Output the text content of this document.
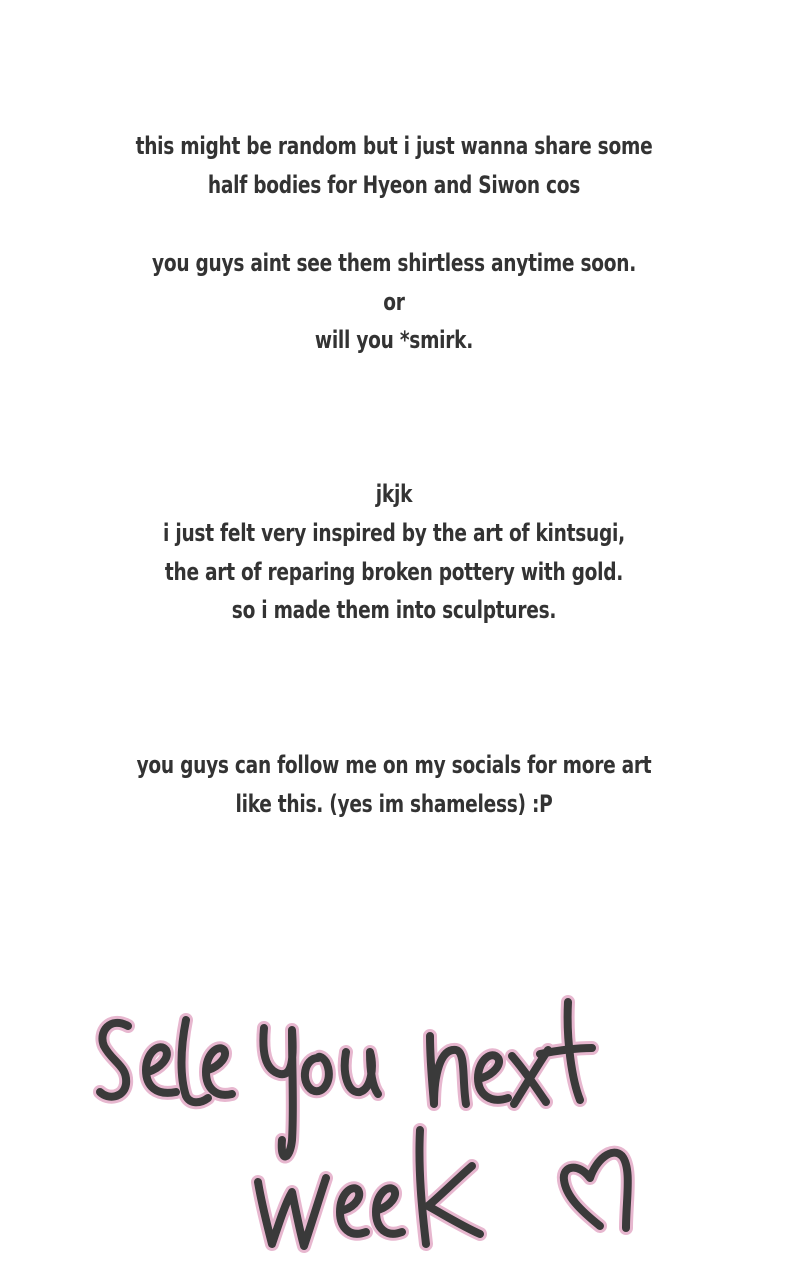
this might be random but i just wanna share some
half bodies for Hyeon and Siwon cos
you guys aint see them shirtless anytime soon.
or
will you *smirk.
jkjk
i just felt very inspired by the art of kintsugi,
the art of reparing broken pottery with gold.
so i made them into sculptures.
you guys can follow me on my socials for more art
like this. (yes im shameless) :P
